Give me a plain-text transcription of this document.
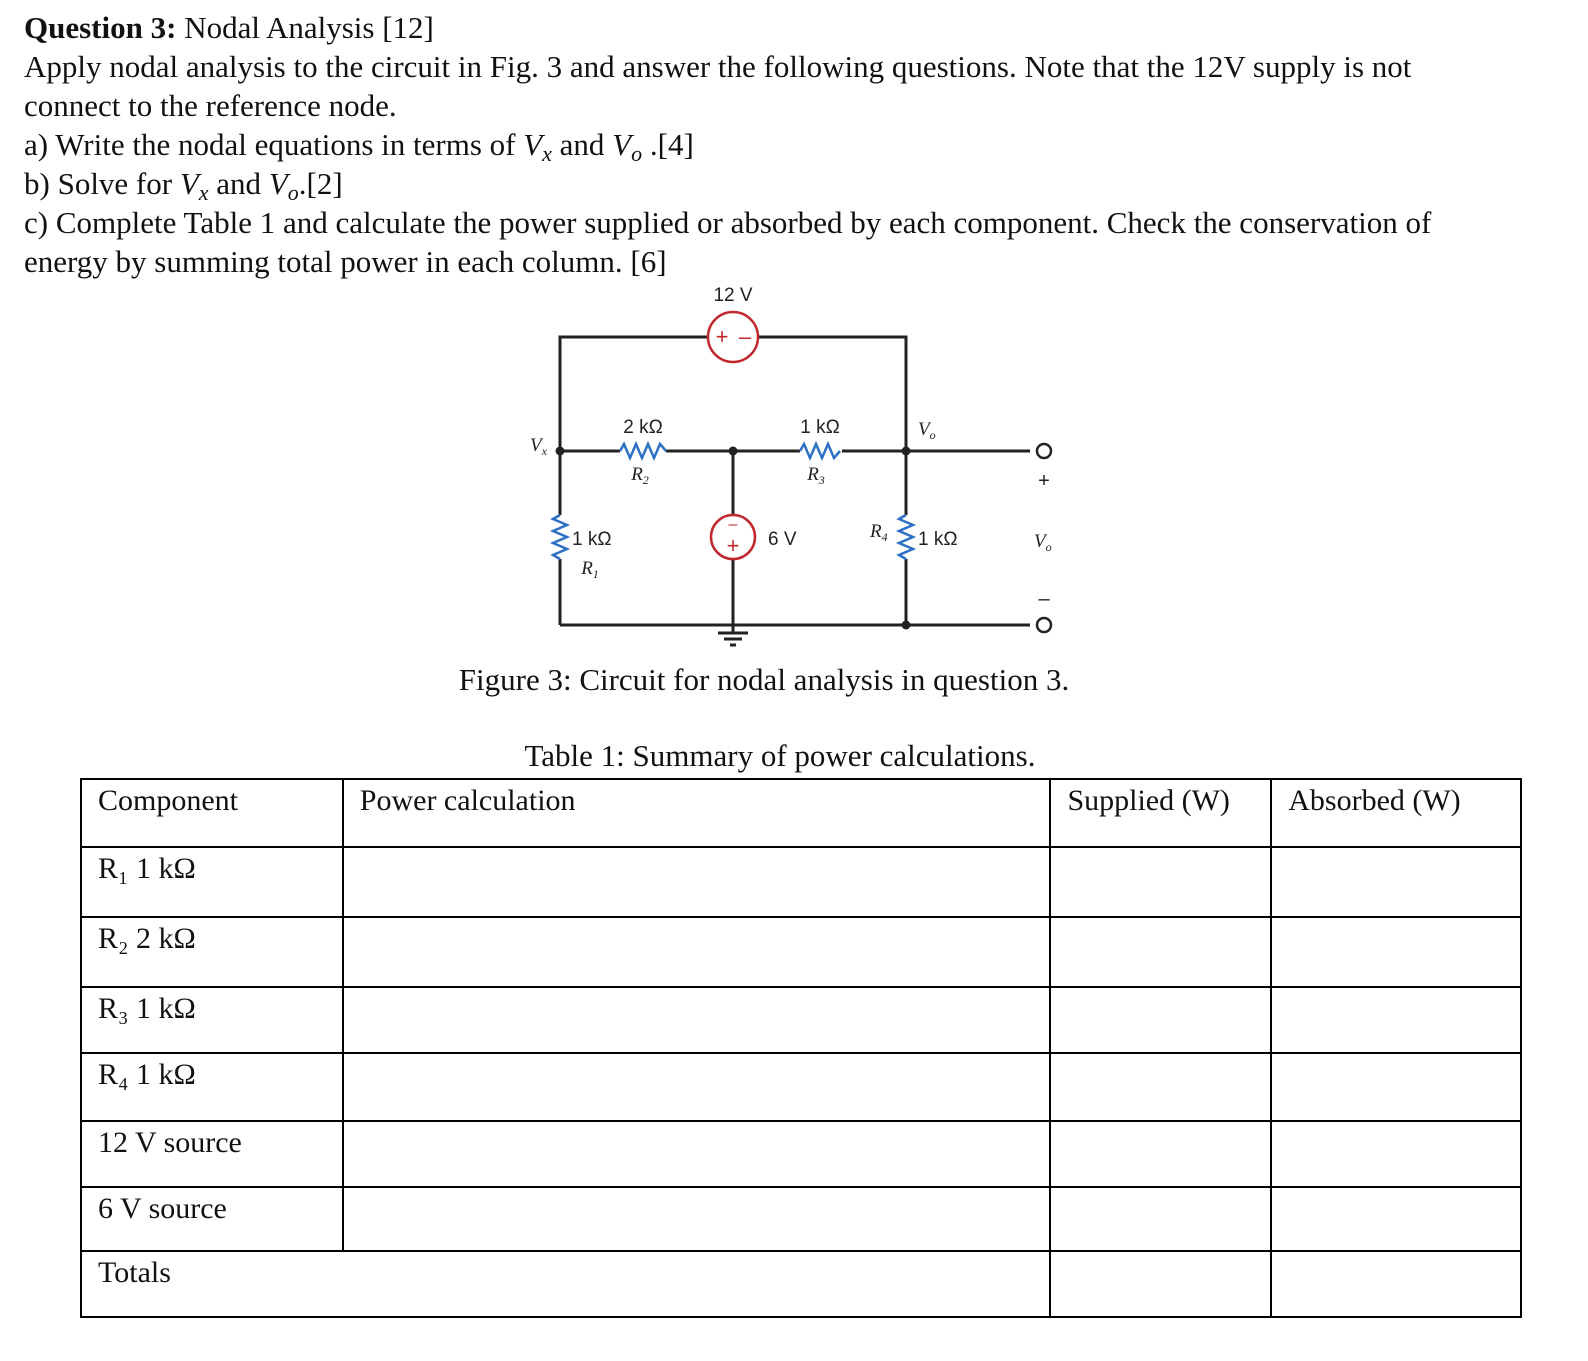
Question 3: Nodal Analysis [12]
Apply nodal analysis to the circuit in Fig. 3 and answer the following questions. Note that the 12V supply is not
connect to the reference node.
a) Write the nodal equations in terms of $V_x$ and $V_o$ .[4]
b) Solve for $V_x$ and $V_o.[2]$
c) Complete Table 1 and calculate the power supplied or absorbed by each component. Check the conservation of
energy by summing total power in each column. [6]
12 V
+ –
2 kΩ	1 kΩ
$R_2$	$R_3$
$V_x$
$V_o$
1 kΩ
$R_1$
–
+ 6 V	$R_4$ 1 kΩ
+
$V_o$
–
Figure 3: Circuit for nodal analysis in question 3.
Table 1: Summary of power calculations.
Component	Power calculation	Supplied (W)	Absorbed (W)
R₁ 1 kΩ			
R₂ 2 kΩ			
R₃ 1 kΩ			
R₄ 1 kΩ			
12 V source			
6 V source			
Totals			
